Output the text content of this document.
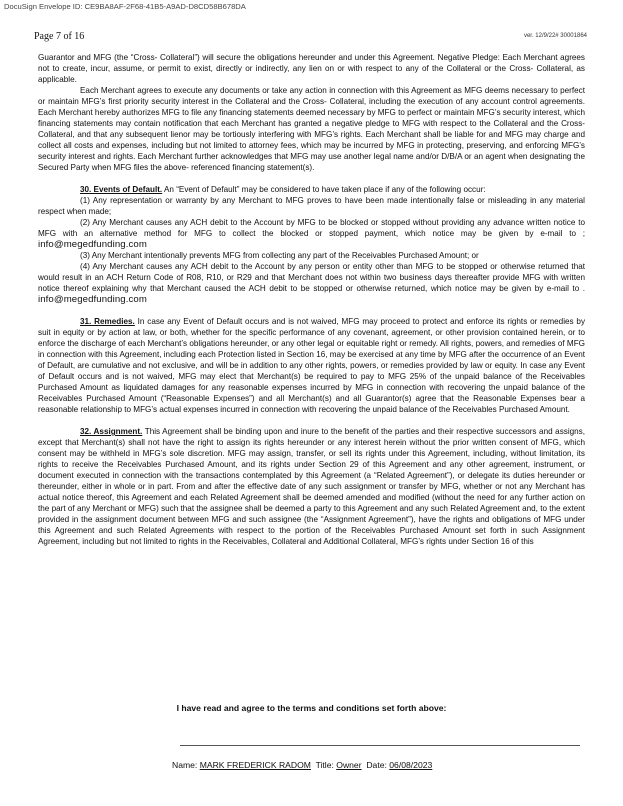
DocuSign Envelope ID: CE9BA8AF-2F68-41B5-A9AD-D8CD58B678DA
Page 7 of 16	ver. 12/9/22# 30001864

Guarantor and MFG (the “Cross- Collateral”) will secure the obligations hereunder and under this Agreement. Negative Pledge: Each Merchant agrees not to create, incur, assume, or permit to exist, directly or indirectly, any lien on or with respect to any of the Collateral or the Cross- Collateral, as applicable.

Each Merchant agrees to execute any documents or take any action in connection with this Agreement as MFG deems necessary to perfect or maintain MFG’s first priority security interest in the Collateral and the Cross- Collateral, including the execution of any account control agreements. Each Merchant hereby authorizes MFG to file any financing statements deemed necessary by MFG to perfect or maintain MFG’s security interest, which financing statements may contain notification that each Merchant has granted a negative pledge to MFG with respect to the Collateral and the Cross- Collateral, and that any subsequent lienor may be tortiously interfering with MFG’s rights. Each Merchant shall be liable for and MFG may charge and collect all costs and expenses, including but not limited to attorney fees, which may be incurred by MFG in protecting, preserving, and enforcing MFG’s security interest and rights. Each Merchant further acknowledges that MFG may use another legal name and/or D/B/A or an agent when designating the Secured Party when MFG files the above- referenced financing statement(s).

30. Events of Default. An “Event of Default” may be considered to have taken place if any of the following occur:

(1) Any representation or warranty by any Merchant to MFG proves to have been made intentionally false or misleading in any material respect when made;

(2) Any Merchant causes any ACH debit to the Account by MFG to be blocked or stopped without providing any advance written notice to MFG with an alternative method for MFG to collect the blocked or stopped payment, which notice may be given by e-mail to ; info@megedfunding.com

(3) Any Merchant intentionally prevents MFG from collecting any part of the Receivables Purchased Amount; or

(4) Any Merchant causes any ACH debit to the Account by any person or entity other than MFG to be stopped or otherwise returned that would result in an ACH Return Code of R08, R10, or R29 and that Merchant does not within two business days thereafter provide MFG with written notice thereof explaining why that Merchant caused the ACH debit to be stopped or otherwise returned, which notice may be given by e-mail to . info@megedfunding.com

31. Remedies. In case any Event of Default occurs and is not waived, MFG may proceed to protect and enforce its rights or remedies by suit in equity or by action at law, or both, whether for the specific performance of any covenant, agreement, or other provision contained herein, or to enforce the discharge of each Merchant’s obligations hereunder, or any other legal or equitable right or remedy. All rights, powers, and remedies of MFG in connection with this Agreement, including each Protection listed in Section 16, may be exercised at any time by MFG after the occurrence of an Event of Default, are cumulative and not exclusive, and will be in addition to any other rights, powers, or remedies provided by law or equity. In case any Event of Default occurs and is not waived, MFG may elect that Merchant(s) be required to pay to MFG 25% of the unpaid balance of the Receivables Purchased Amount as liquidated damages for any reasonable expenses incurred by MFG in connection with recovering the unpaid balance of the Receivables Purchased Amount (“Reasonable Expenses”) and all Merchant(s) and all Guarantor(s) agree that the Reasonable Expenses bear a reasonable relationship to MFG’s actual expenses incurred in connection with recovering the unpaid balance of the Receivables Purchased Amount.

32. Assignment. This Agreement shall be binding upon and inure to the benefit of the parties and their respective successors and assigns, except that Merchant(s) shall not have the right to assign its rights hereunder or any interest herein without the prior written consent of MFG, which consent may be withheld in MFG’s sole discretion. MFG may assign, transfer, or sell its rights under this Agreement, including, without limitation, its rights to receive the Receivables Purchased Amount, and its rights under Section 29 of this Agreement and any other agreement, instrument, or document executed in connection with the transactions contemplated by this Agreement (a “Related Agreement”), or delegate its duties hereunder or thereunder, either in whole or in part. From and after the effective date of any such assignment or transfer by MFG, whether or not any Merchant has actual notice thereof, this Agreement and each Related Agreement shall be deemed amended and modified (without the need for any further action on the part of any Merchant or MFG) such that the assignee shall be deemed a party to this Agreement and any such Related Agreement and, to the extent provided in the assignment document between MFG and such assignee (the “Assignment Agreement”), have the rights and obligations of MFG under this Agreement and such Related Agreements with respect to the portion of the Receivables Purchased Amount set forth in such Assignment Agreement, including but not limited to rights in the Receivables, Collateral and Additional Collateral, MFG’s rights under Section 16 of this

I have read and agree to the terms and conditions set forth above:
Name: MARK FREDERICK RADOM  Title: Owner  Date: 06/08/2023
